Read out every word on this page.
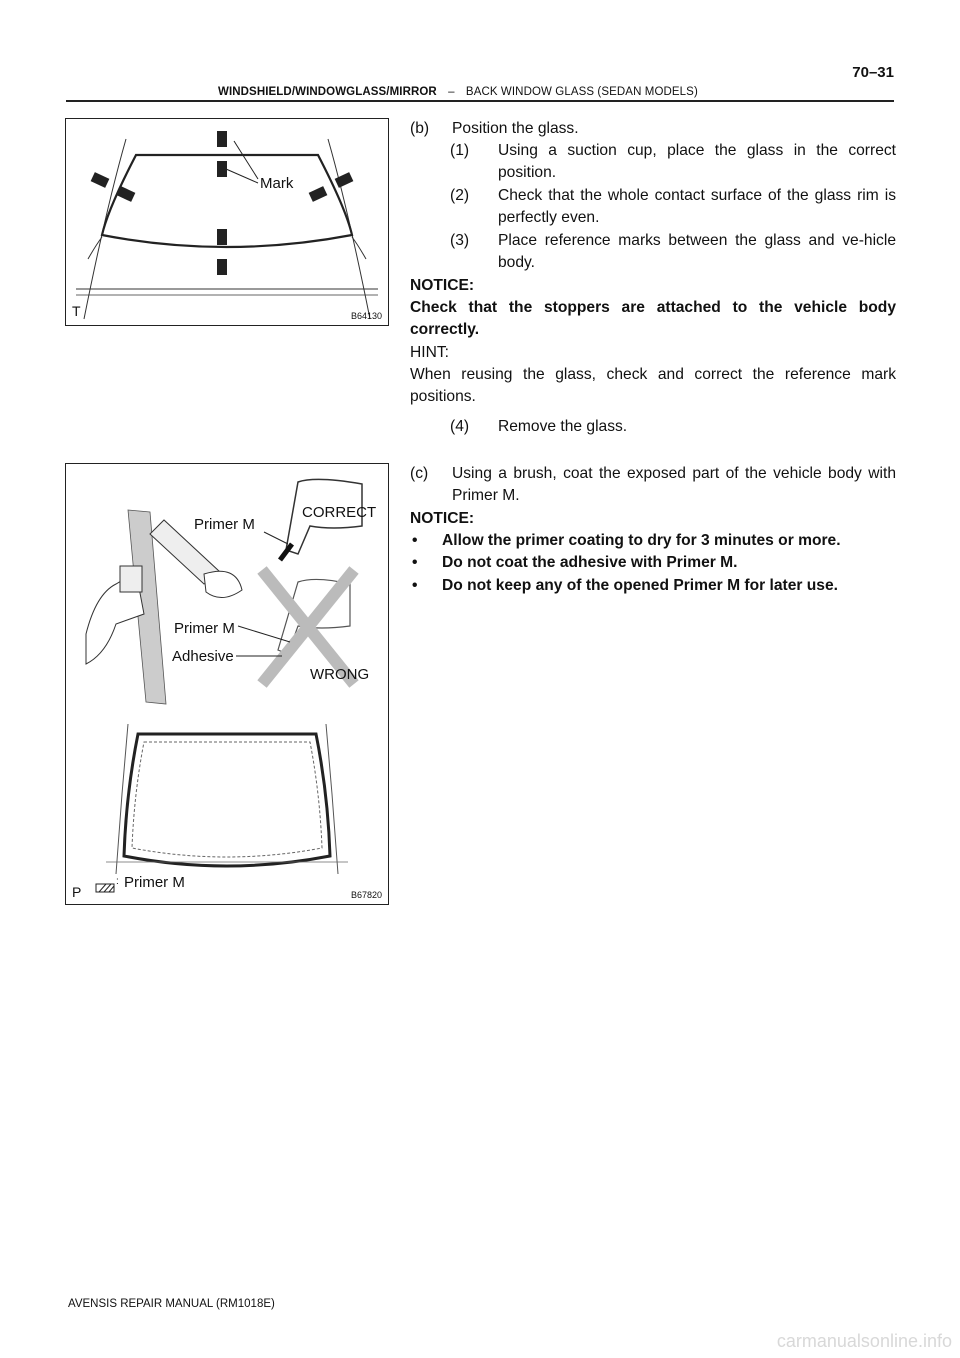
70–31
WINDSHIELD/WINDOWGLASS/MIRROR – BACK WINDOW GLASS (SEDAN MODELS)
Mark
T	B64130
Primer M
CORRECT
Primer M
Adhesive
WRONG
: Primer M
P	B67820
(b) Position the glass.
(1) Using a suction cup, place the glass in the correct position.
(2) Check that the whole contact surface of the glass rim is perfectly even.
(3) Place reference marks between the glass and ve-hicle body.
NOTICE:
Check that the stoppers are attached to the vehicle body correctly.
HINT:
When reusing the glass, check and correct the reference mark positions.
(4) Remove the glass.
(c) Using a brush, coat the exposed part of the vehicle body with Primer M.
NOTICE:
• Allow the primer coating to dry for 3 minutes or more.
• Do not coat the adhesive with Primer M.
• Do not keep any of the opened Primer M for later use.
AVENSIS REPAIR MANUAL (RM1018E)
carmanualsonline.info
